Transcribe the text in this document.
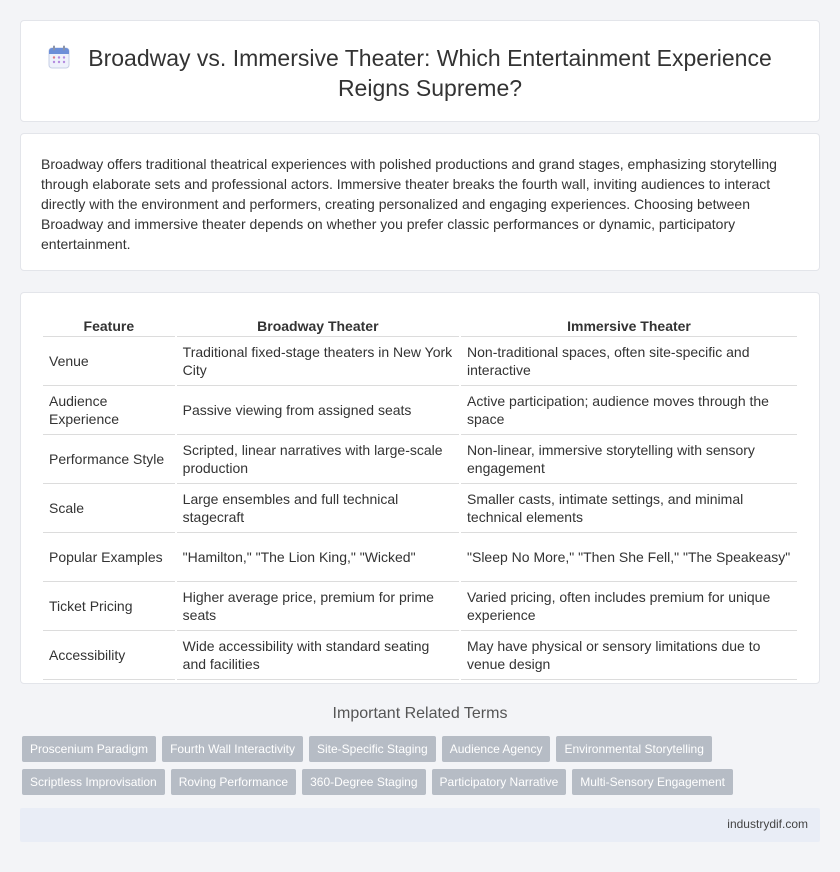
Broadway vs. Immersive Theater: Which Entertainment Experience Reigns Supreme?

Broadway offers traditional theatrical experiences with polished productions and grand stages, emphasizing storytelling through elaborate sets and professional actors. Immersive theater breaks the fourth wall, inviting audiences to interact directly with the environment and performers, creating personalized and engaging experiences. Choosing between Broadway and immersive theater depends on whether you prefer classic performances or dynamic, participatory entertainment.

Feature	Broadway Theater	Immersive Theater
Venue	Traditional fixed-stage theaters in New York City	Non-traditional spaces, often site-specific and interactive
Audience Experience	Passive viewing from assigned seats	Active participation; audience moves through the space
Performance Style	Scripted, linear narratives with large-scale production	Non-linear, immersive storytelling with sensory engagement
Scale	Large ensembles and full technical stagecraft	Smaller casts, intimate settings, and minimal technical elements
Popular Examples	"Hamilton," "The Lion King," "Wicked"	"Sleep No More," "Then She Fell," "The Speakeasy"
Ticket Pricing	Higher average price, premium for prime seats	Varied pricing, often includes premium for unique experience
Accessibility	Wide accessibility with standard seating and facilities	May have physical or sensory limitations due to venue design
Important Related Terms
Proscenium Paradigm	Fourth Wall Interactivity	Site-Specific Staging	Audience Agency	Environmental Storytelling
Scriptless Improvisation	Roving Performance	360-Degree Staging	Participatory Narrative	Multi-Sensory Engagement
industrydif.com
